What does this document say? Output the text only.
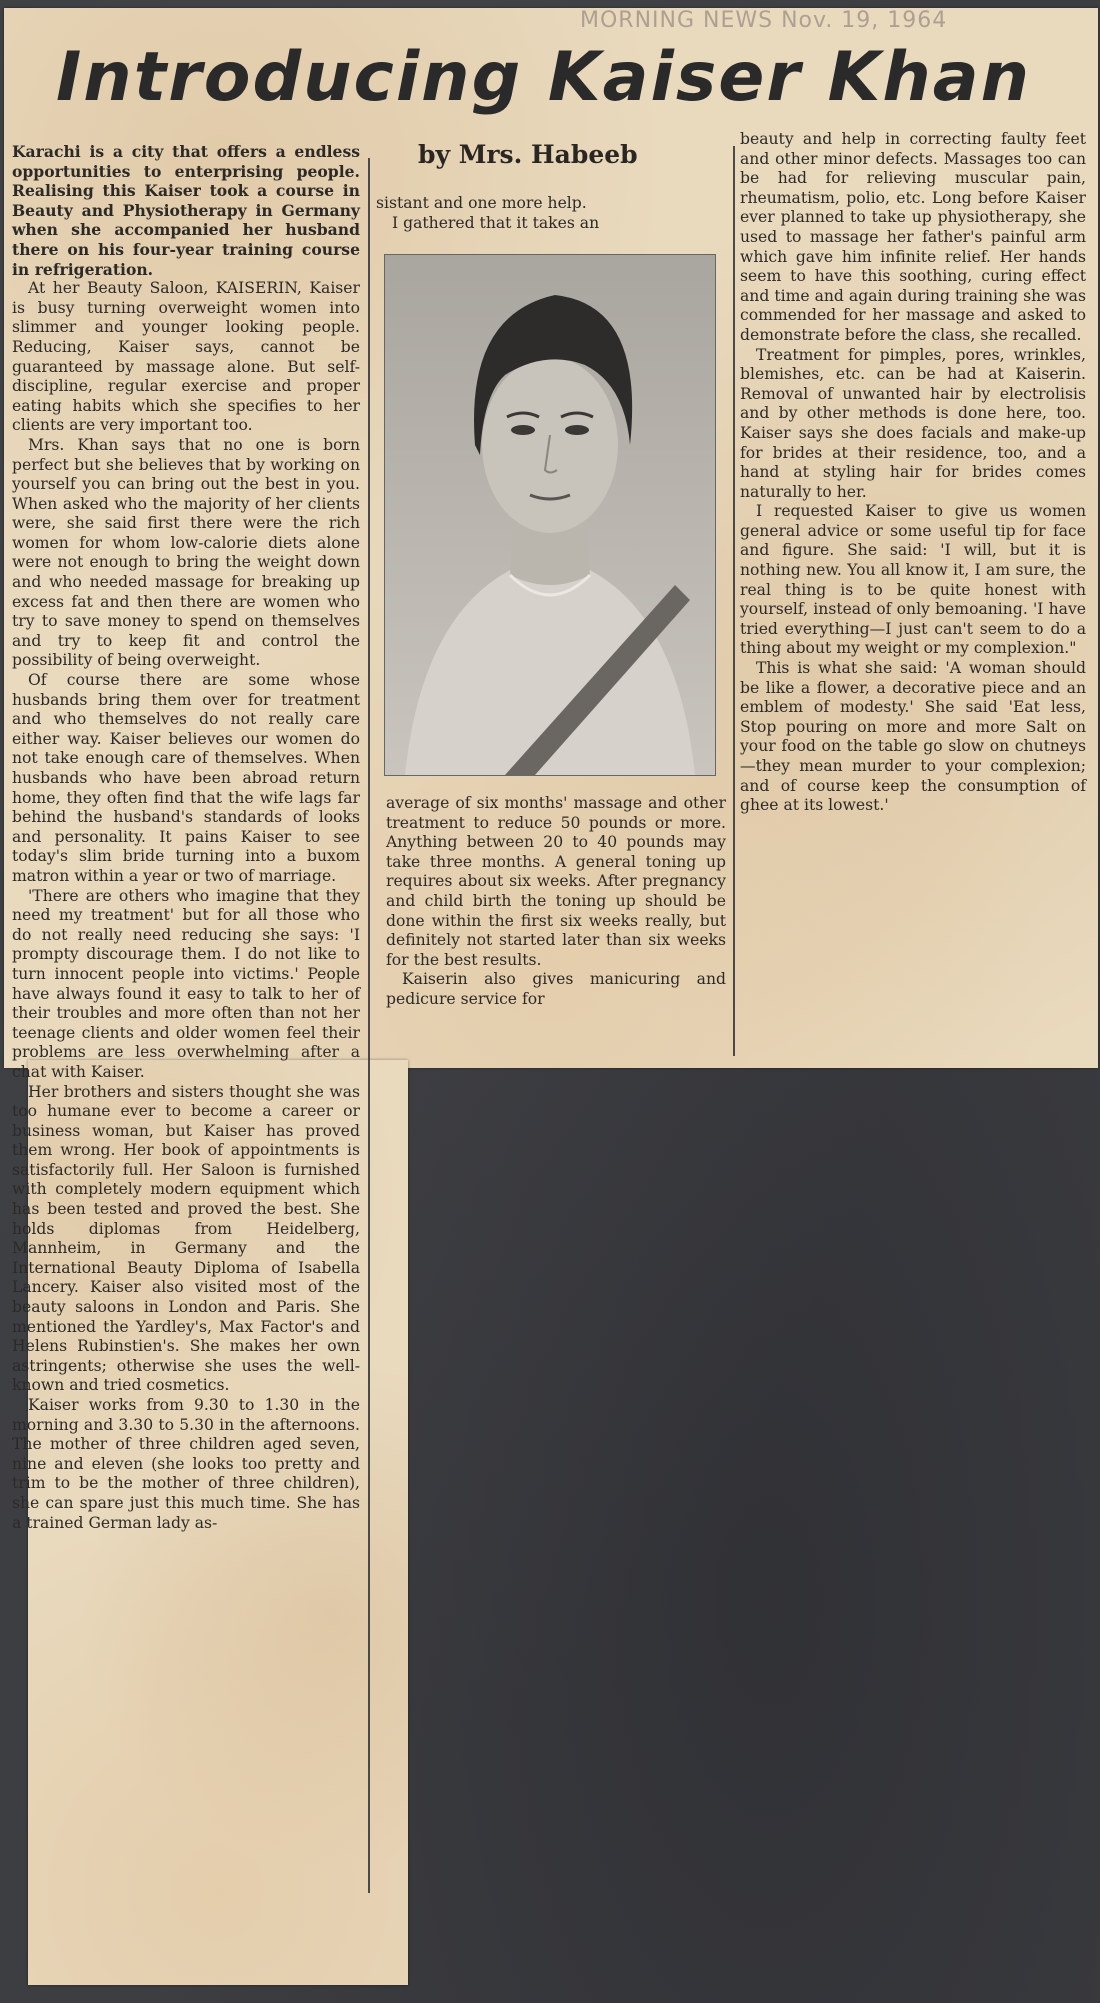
MORNING NEWS Nov. 19, 1964
Introducing Kaiser Khan
by Mrs. Habeeb

Karachi is a city that offers a endless opportunities to enterprising people. Realising this Kaiser took a course in Beauty and Physiotherapy in Germany when she accompanied her husband there on his four-year training course in refrigeration.

At her Beauty Saloon, KAISERIN, Kaiser is busy turning overweight women into slimmer and younger looking people. Reducing, Kaiser says, cannot be guaranteed by massage alone. But self-discipline, regular exercise and proper eating habits which she specifies to her clients are very important too.

Mrs. Khan says that no one is born perfect but she believes that by working on yourself you can bring out the best in you. When asked who the majority of her clients were, she said first there were the rich women for whom low-calorie diets alone were not enough to bring the weight down and who needed massage for breaking up excess fat and then there are women who try to save money to spend on themselves and try to keep fit and control the possibility of being overweight.

Of course there are some whose husbands bring them over for treatment and who themselves do not really care either way. Kaiser believes our women do not take enough care of themselves. When husbands who have been abroad return home, they often find that the wife lags far behind the husband's standards of looks and personality. It pains Kaiser to see today's slim bride turning into a buxom matron within a year or two of marriage.

'There are others who imagine that they need my treatment' but for all those who do not really need reducing she says: 'I prompty discourage them. I do not like to turn innocent people into victims.' People have always found it easy to talk to her of their troubles and more often than not her teenage clients and older women feel their problems are less overwhelming after a chat with Kaiser.

Her brothers and sisters thought she was too humane ever to become a career or business woman, but Kaiser has proved them wrong. Her book of appointments is satisfactorily full. Her Saloon is furnished with completely modern equipment which has been tested and proved the best. She holds diplomas from Heidelberg, Mannheim, in Germany and the International Beauty Diploma of Isabella Lancery. Kaiser also visited most of the beauty saloons in London and Paris. She mentioned the Yardley's, Max Factor's and Helens Rubinstien's. She makes her own astringents; otherwise she uses the well-known and tried cosmetics.

Kaiser works from 9.30 to 1.30 in the morning and 3.30 to 5.30 in the afternoons. The mother of three children aged seven, nine and eleven (she looks too pretty and trim to be the mother of three children), she can spare just this much time. She has a trained German lady as-

sistant and one more help.

I gathered that it takes an

average of six months' massage and other treatment to reduce 50 pounds or more. Anything between 20 to 40 pounds may take three months. A general toning up requires about six weeks. After pregnancy and child birth the toning up should be done within the first six weeks really, but definitely not started later than six weeks for the best results.

Kaiserin also gives manicuring and pedicure service for

beauty and help in correcting faulty feet and other minor defects. Massages too can be had for relieving muscular pain, rheumatism, polio, etc. Long before Kaiser ever planned to take up physiotherapy, she used to massage her father's painful arm which gave him infinite relief. Her hands seem to have this soothing, curing effect and time and again during training she was commended for her massage and asked to demonstrate before the class, she recalled.

Treatment for pimples, pores, wrinkles, blemishes, etc. can be had at Kaiserin. Removal of unwanted hair by electrolisis and by other methods is done here, too. Kaiser says she does facials and make-up for brides at their residence, too, and a hand at styling hair for brides comes naturally to her.

I requested Kaiser to give us women general advice or some useful tip for face and figure. She said: 'I will, but it is nothing new. You all know it, I am sure, the real thing is to be quite honest with yourself, instead of only bemoaning. 'I have tried everything—I just can't seem to do a thing about my weight or my complexion."

This is what she said: 'A woman should be like a flower, a decorative piece and an emblem of modesty.' She said 'Eat less, Stop pouring on more and more Salt on your food on the table go slow on chutneys—they mean murder to your complexion; and of course keep the consumption of ghee at its lowest.'
